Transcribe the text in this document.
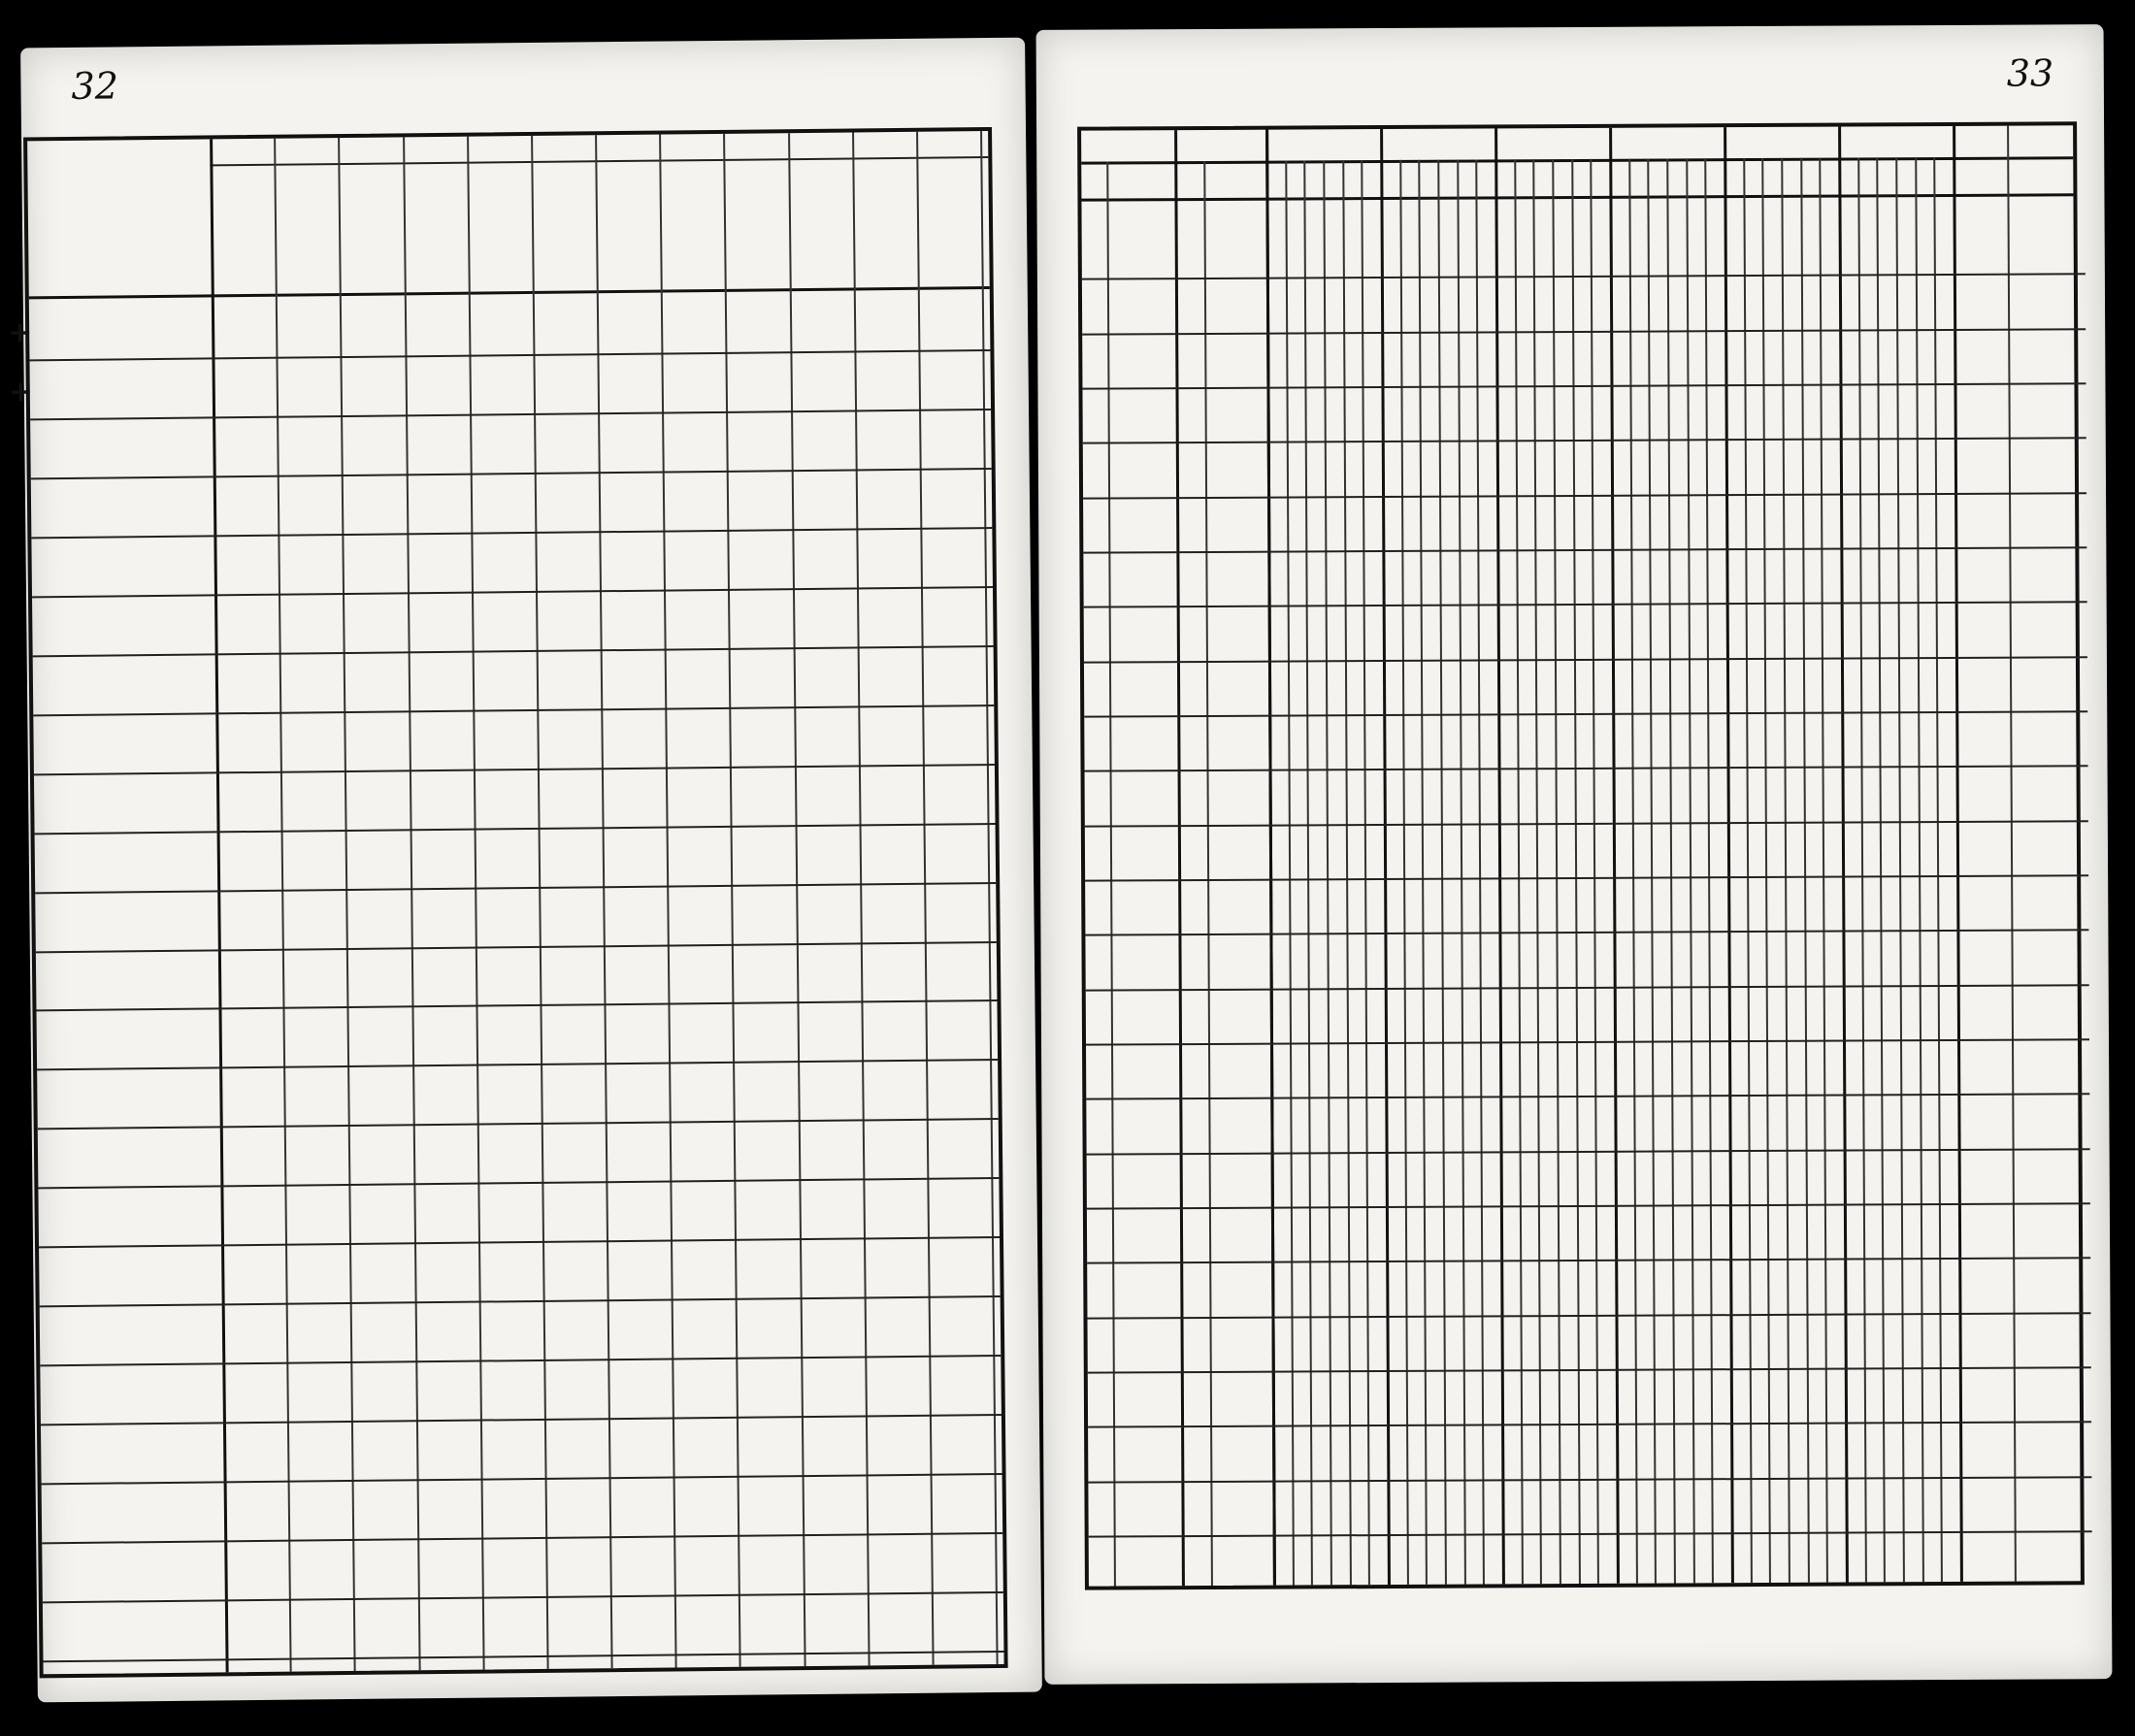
32
+
+
33
